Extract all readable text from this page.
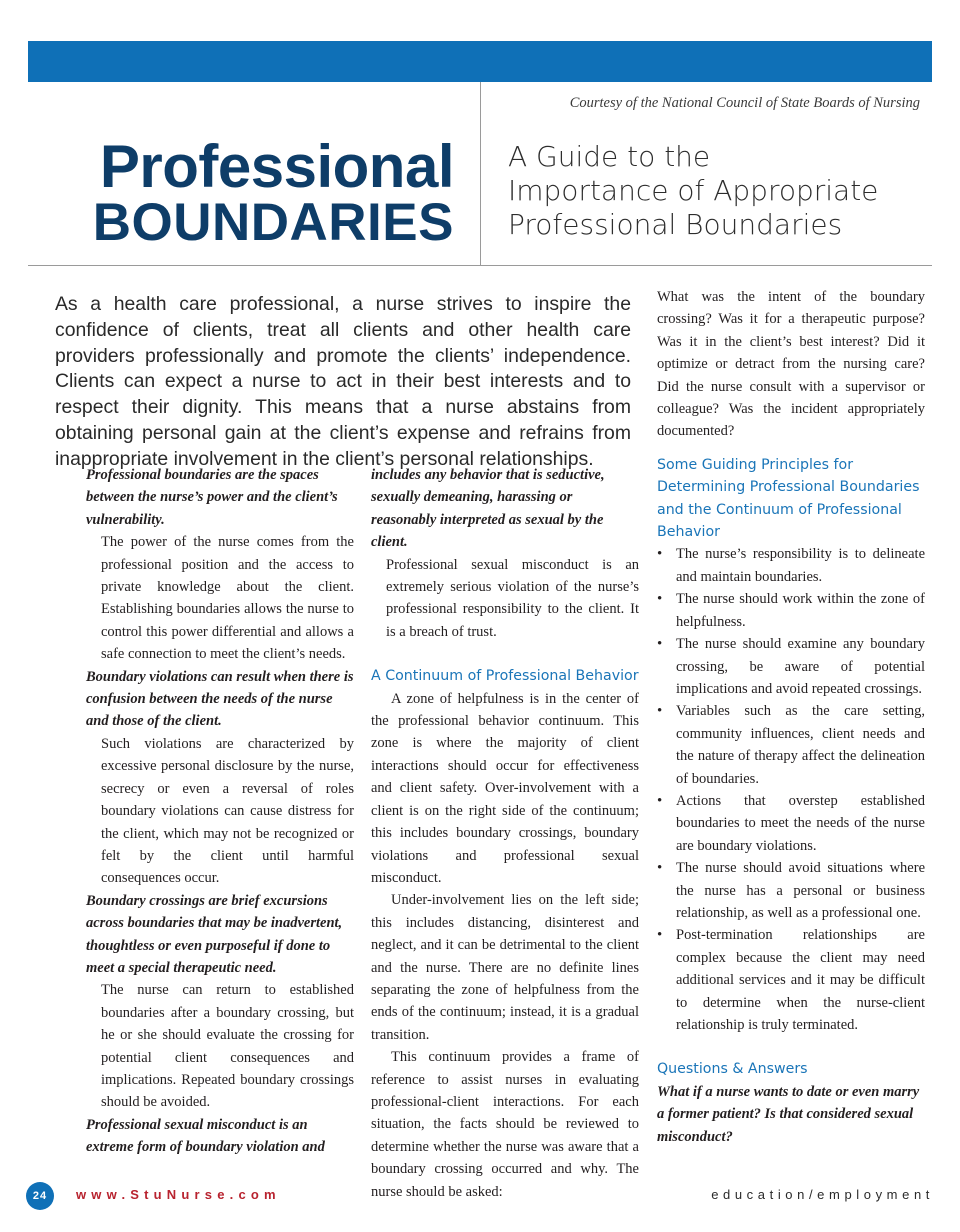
Courtesy of the National Council of State Boards of Nursing
Professional
BOUNDARIES
A Guide to the
Importance of Appropriate
Professional Boundaries

As a health care professional, a nurse strives to inspire the confidence of clients, treat all clients and other health care providers professionally and promote the clients’ independence. Clients can expect a nurse to act in their best interests and to respect their dignity. This means that a nurse abstains from obtaining personal gain at the client’s expense and refrains from inappropriate involvement in the client’s personal relationships.

Professional boundaries are the spaces between the nurse’s power and the client’s vulnerability.

The power of the nurse comes from the professional position and the access to private knowledge about the client. Establishing boundaries allows the nurse to control this power differential and allows a safe connection to meet the client’s needs.

Boundary violations can result when there is confusion between the needs of the nurse and those of the client.

Such violations are characterized by excessive personal disclosure by the nurse, secrecy or even a reversal of roles boundary violations can cause distress for the client, which may not be recognized or felt by the client until harmful consequences occur.

Boundary crossings are brief excursions across boundaries that may be inadvertent, thoughtless or even purposeful if done to meet a special therapeutic need.

The nurse can return to established boundaries after a boundary crossing, but he or she should evaluate the crossing for potential client consequences and implications. Repeated boundary crossings should be avoided.

Professional sexual misconduct is an extreme form of boundary violation and

includes any behavior that is seductive, sexually demeaning, harassing or reasonably interpreted as sexual by the client.

Professional sexual misconduct is an extremely serious violation of the nurse’s professional responsibility to the client. It is a breach of trust.

A Continuum of Professional Behavior

A zone of helpfulness is in the center of the professional behavior continuum. This zone is where the majority of client interactions should occur for effectiveness and client safety. Over-involvement with a client is on the right side of the continuum; this includes boundary crossings, boundary violations and professional sexual misconduct.

Under-involvement lies on the left side; this includes distancing, disinterest and neglect, and it can be detrimental to the client and the nurse. There are no definite lines separating the zone of helpfulness from the ends of the continuum; instead, it is a gradual transition.

This continuum provides a frame of reference to assist nurses in evaluating professional-client interactions. For each situation, the facts should be reviewed to determine whether the nurse was aware that a boundary crossing occurred and why. The nurse should be asked:

What was the intent of the boundary crossing? Was it for a therapeutic purpose? Was it in the client’s best interest? Did it optimize or detract from the nursing care? Did the nurse consult with a supervisor or colleague? Was the incident appropriately documented?

Some Guiding Principles for Determining Professional Boundaries and the Continuum of Professional Behavior
• The nurse’s responsibility is to delineate and maintain boundaries.
• The nurse should work within the zone of helpfulness.
• The nurse should examine any boundary crossing, be aware of potential implications and avoid repeated crossings.
• Variables such as the care setting, community influences, client needs and the nature of therapy affect the delineation of boundaries.
• Actions that overstep established boundaries to meet the needs of the nurse are boundary violations.
• The nurse should avoid situations where the nurse has a personal or business relationship, as well as a professional one.
• Post-termination relationships are complex because the client may need additional services and it may be difficult to determine when the nurse-client relationship is truly terminated.
Questions & Answers

What if a nurse wants to date or even marry a former patient? Is that considered sexual misconduct?

24	www.StuNurse.com	education/employment
